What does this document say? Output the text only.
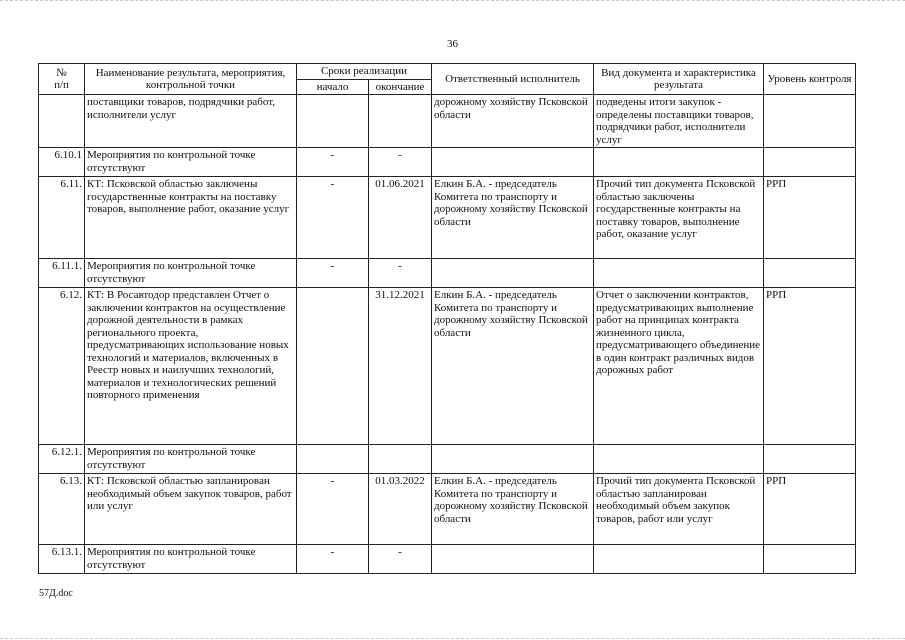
36
№
п/п	Наименование результата, мероприятия, контрольной точки	Сроки реализации		Ответственный исполнитель	Вид документа и характеристика результата	Уровень контроля
		начало	окончание			
	поставщики товаров, подрядчики работ, исполнители услуг			дорожному хозяйству Псковской области	подведены итоги закупок - определены поставщики товаров, подрядчики работ, исполнители услуг	
6.10.1	Мероприятия по контрольной точке отсутствуют	-	-			
6.11.	КТ: Псковской областью заключены государственные контракты на поставку товаров, выполнение работ, оказание услуг	-	01.06.2021	Елкин Б.А. - председатель Комитета по транспорту и дорожному хозяйству Псковской области	Прочий тип документа Псковской областью заключены государственные контракты на поставку товаров, выполнение работ, оказание услуг	РРП
6.11.1.	Мероприятия по контрольной точке отсутствуют	-	-			
6.12.	КТ: В Росавтодор представлен Отчет о заключении контрактов на осуществление дорожной деятельности в рамках регионального проекта, предусматривающих использование новых технологий и материалов, включенных в Реестр новых и наилучших технологий, материалов и технологических решений повторного применения		31.12.2021	Елкин Б.А. - председатель Комитета по транспорту и дорожному хозяйству Псковской области	Отчет о заключении контрактов, предусматривающих выполнение работ на принципах контракта жизненного цикла, предусматривающего объединение в один контракт различных видов дорожных работ	РРП
6.12.1.	Мероприятия по контрольной точке отсутствуют					
6.13.	КТ: Псковской областью запланирован необходимый объем закупок товаров, работ или услуг	-	01.03.2022	Елкин Б.А. - председатель Комитета по транспорту и дорожному хозяйству Псковской области	Прочий тип документа Псковской областью запланирован необходимый объем закупок товаров, работ или услуг	РРП
6.13.1.	Мероприятия по контрольной точке отсутствуют	-	-			
57Д.doc
